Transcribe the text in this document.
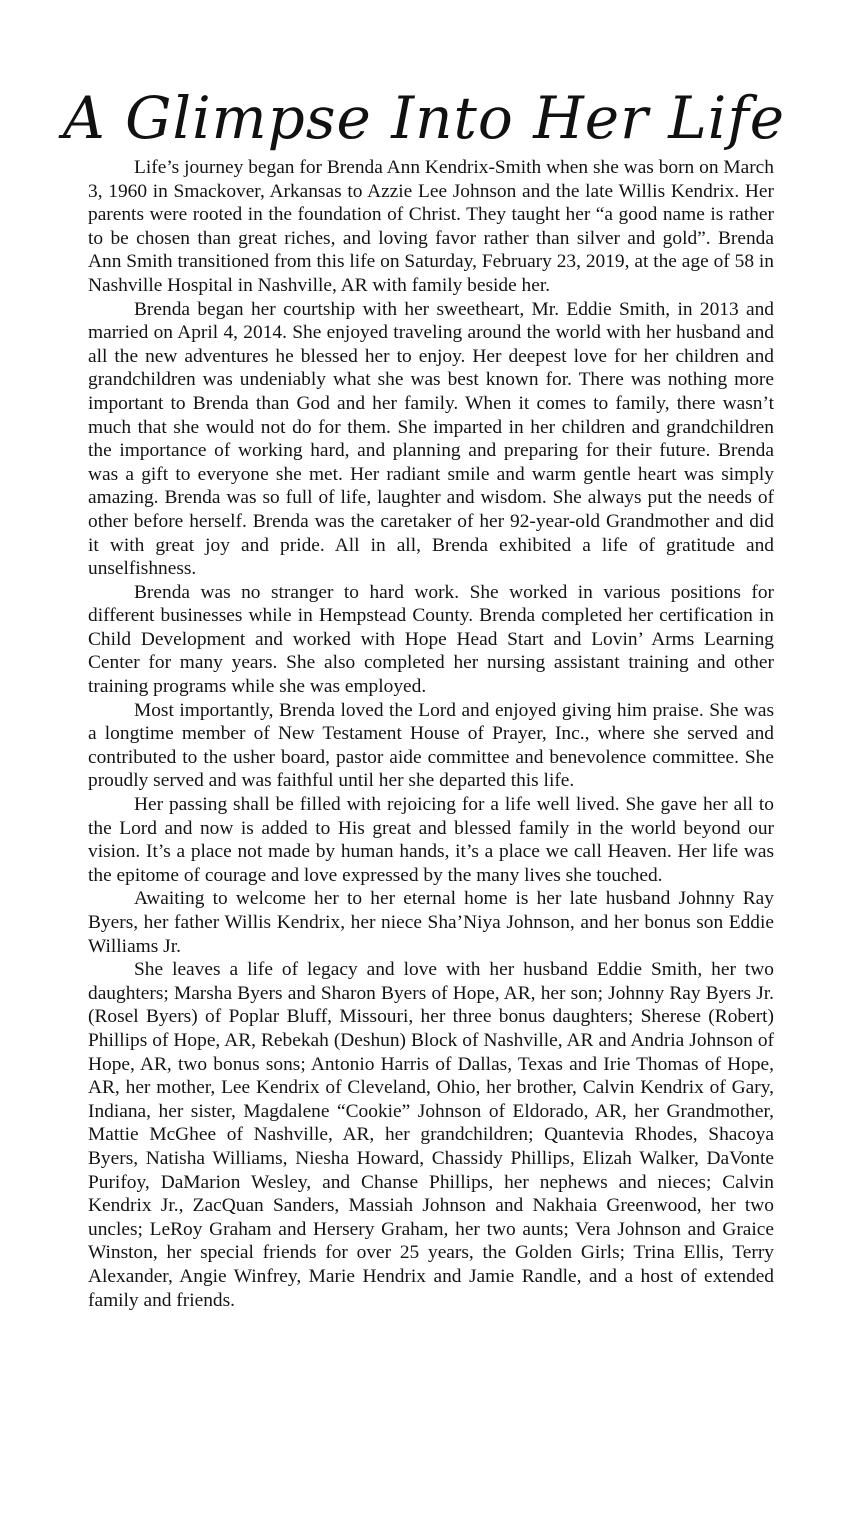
A Glimpse Into Her Life

Life’s journey began for Brenda Ann Kendrix-Smith when she was born on March 3, 1960 in Smackover, Arkansas to Azzie Lee Johnson and the late Willis Kendrix. Her parents were rooted in the foundation of Christ. They taught her “a good name is rather to be chosen than great riches, and loving favor rather than silver and gold”. Brenda Ann Smith transitioned from this life on Saturday, February 23, 2019, at the age of 58 in Nashville Hospital in Nashville, AR with family beside her.

Brenda began her courtship with her sweetheart, Mr. Eddie Smith, in 2013 and married on April 4, 2014. She enjoyed traveling around the world with her husband and all the new adventures he blessed her to enjoy. Her deepest love for her children and grandchildren was undeniably what she was best known for. There was nothing more important to Brenda than God and her family. When it comes to family, there wasn’t much that she would not do for them. She imparted in her children and grandchildren the importance of working hard, and planning and preparing for their future. Brenda was a gift to everyone she met. Her radiant smile and warm gentle heart was simply amazing. Brenda was so full of life, laughter and wisdom. She always put the needs of other before herself. Brenda was the caretaker of her 92-year-old Grandmother and did it with great joy and pride. All in all, Brenda exhibited a life of gratitude and unselfishness.

Brenda was no stranger to hard work. She worked in various positions for different businesses while in Hempstead County. Brenda completed her certification in Child Development and worked with Hope Head Start and Lovin’ Arms Learning Center for many years. She also completed her nursing assistant training and other training programs while she was employed.

Most importantly, Brenda loved the Lord and enjoyed giving him praise. She was a longtime member of New Testament House of Prayer, Inc., where she served and contributed to the usher board, pastor aide committee and benevolence committee. She proudly served and was faithful until her she departed this life.

Her passing shall be filled with rejoicing for a life well lived. She gave her all to the Lord and now is added to His great and blessed family in the world beyond our vision. It’s a place not made by human hands, it’s a place we call Heaven. Her life was the epitome of courage and love expressed by the many lives she touched.

Awaiting to welcome her to her eternal home is her late husband Johnny Ray Byers, her father Willis Kendrix, her niece Sha’Niya Johnson, and her bonus son Eddie Williams Jr.

She leaves a life of legacy and love with her husband Eddie Smith, her two daughters; Marsha Byers and Sharon Byers of Hope, AR, her son; Johnny Ray Byers Jr. (Rosel Byers) of Poplar Bluff, Missouri, her three bonus daughters; Sherese (Robert) Phillips of Hope, AR, Rebekah (Deshun) Block of Nashville, AR and Andria Johnson of Hope, AR, two bonus sons; Antonio Harris of Dallas, Texas and Irie Thomas of Hope, AR, her mother, Lee Kendrix of Cleveland, Ohio, her brother, Calvin Kendrix of Gary, Indiana, her sister, Magdalene “Cookie” Johnson of Eldorado, AR, her Grandmother, Mattie McGhee of Nashville, AR, her grandchildren; Quantevia Rhodes, Shacoya Byers, Natisha Williams, Niesha Howard, Chassidy Phillips, Elizah Walker, DaVonte Purifoy, DaMarion Wesley, and Chanse Phillips, her nephews and nieces; Calvin Kendrix Jr., ZacQuan Sanders, Massiah Johnson and Nakhaia Greenwood, her two uncles; LeRoy Graham and Hersery Graham, her two aunts; Vera Johnson and Graice Winston, her special friends for over 25 years, the Golden Girls; Trina Ellis, Terry Alexander, Angie Winfrey, Marie Hendrix and Jamie Randle, and a host of extended family and friends.
